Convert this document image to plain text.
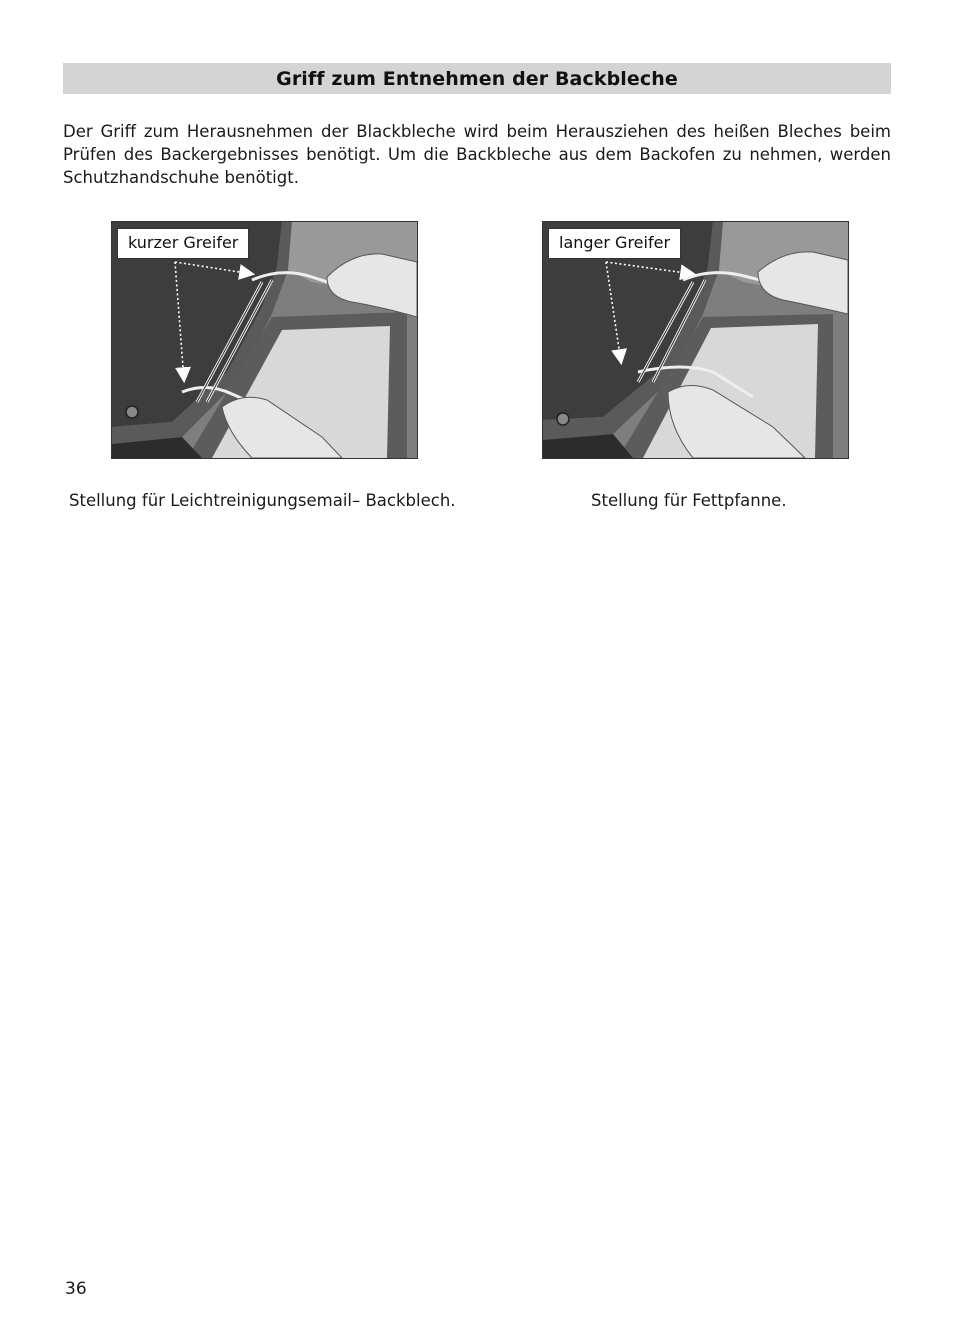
Griff zum Entnehmen der Backbleche

Der Griff zum Herausnehmen der Blackbleche wird beim Herausziehen des heißen Bleches beim Prüfen des Backergebnisses benötigt. Um die Backbleche aus dem Backofen zu nehmen, werden Schutzhandschuhe benötigt.

kurzer Greifer	langer Greifer
Stellung für Leichtreinigungsemail– Backblech.	Stellung für Fettpfanne.
36
